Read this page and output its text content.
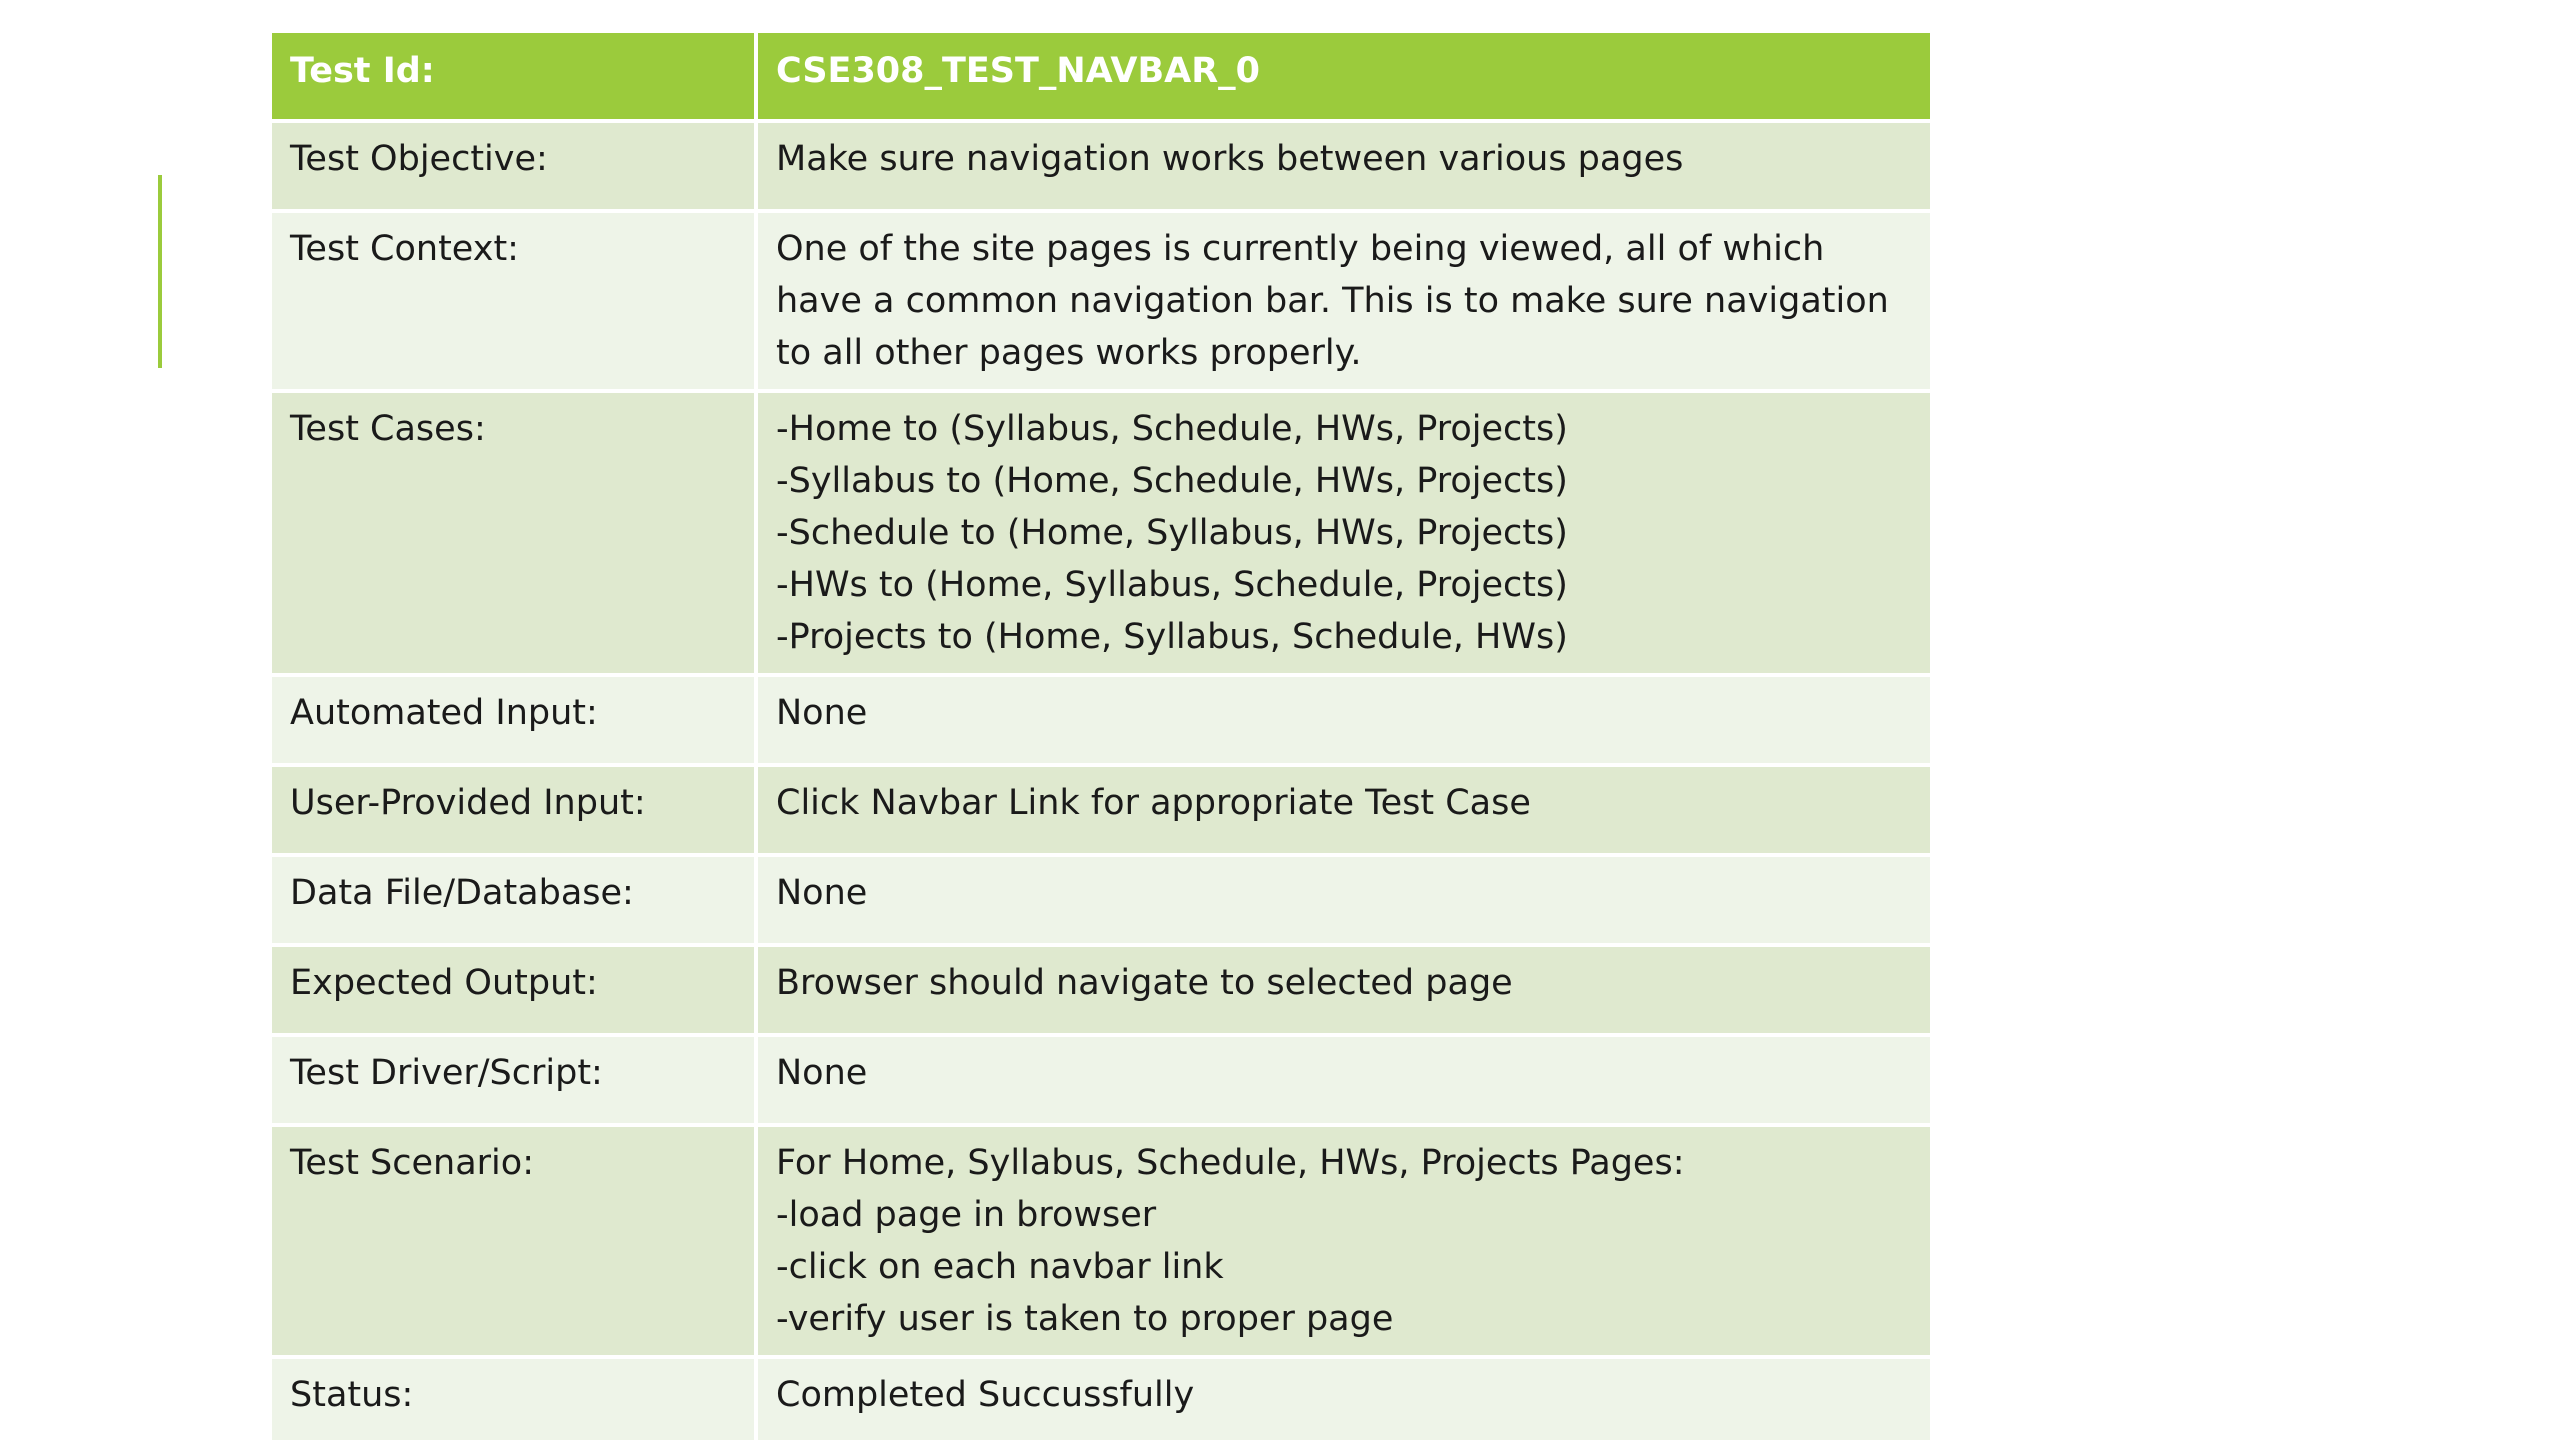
Test Id:	CSE308_TEST_NAVBAR_0
Test Objective:	Make sure navigation works between various pages
Test Context:	One of the site pages is currently being viewed, all of which have a common navigation bar. This is to make sure navigation to all other pages works properly.

Test Cases:	-Home to (Syllabus, Schedule, HWs, Projects)
-Syllabus to (Home, Schedule, HWs, Projects)
-Schedule to (Home, Syllabus, HWs, Projects)
-HWs to (Home, Syllabus, Schedule, Projects)
-Projects to (Home, Syllabus, Schedule, HWs)

Automated Input:	None
User-Provided Input:	Click Navbar Link for appropriate Test Case
Data File/Database:	None
Expected Output:	Browser should navigate to selected page
Test Driver/Script:	None
Test Scenario:	For Home, Syllabus, Schedule, HWs, Projects Pages:
-load page in browser
-click on each navbar link
-verify user is taken to proper page

Status:	Completed Succussfully
